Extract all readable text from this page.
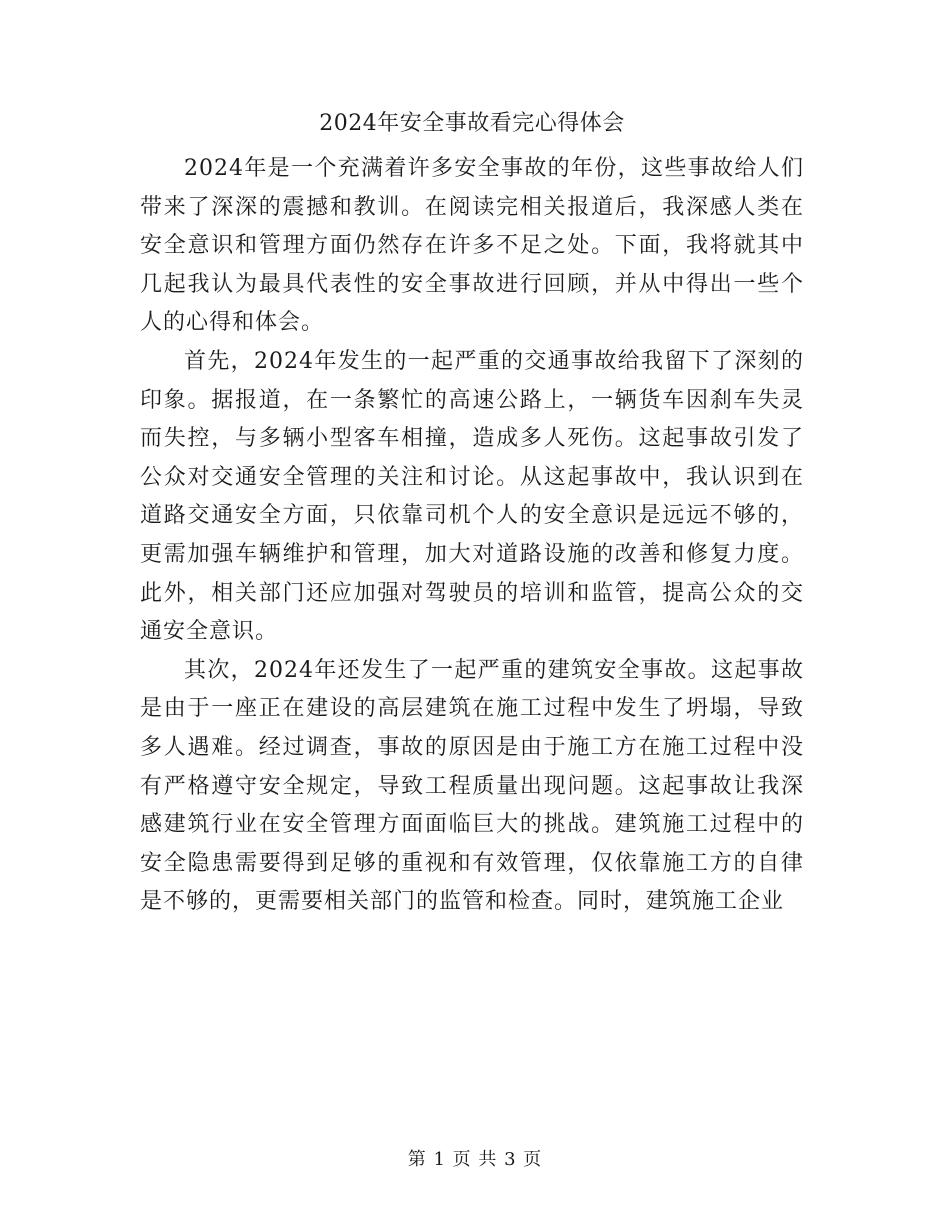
2024年安全事故看完心得体会

2024年是一个充满着许多安全事故的年份，这些事故给人们带来了深深的震撼和教训。在阅读完相关报道后，我深感人类在安全意识和管理方面仍然存在许多不足之处。下面，我将就其中几起我认为最具代表性的安全事故进行回顾，并从中得出一些个人的心得和体会。

首先，2024年发生的一起严重的交通事故给我留下了深刻的印象。据报道，在一条繁忙的高速公路上，一辆货车因刹车失灵而失控，与多辆小型客车相撞，造成多人死伤。这起事故引发了公众对交通安全管理的关注和讨论。从这起事故中，我认识到在道路交通安全方面，只依靠司机个人的安全意识是远远不够的，更需加强车辆维护和管理，加大对道路设施的改善和修复力度。此外，相关部门还应加强对驾驶员的培训和监管，提高公众的交通安全意识。

其次，2024年还发生了一起严重的建筑安全事故。这起事故是由于一座正在建设的高层建筑在施工过程中发生了坍塌，导致多人遇难。经过调查，事故的原因是由于施工方在施工过程中没有严格遵守安全规定，导致工程质量出现问题。这起事故让我深感建筑行业在安全管理方面面临巨大的挑战。建筑施工过程中的安全隐患需要得到足够的重视和有效管理，仅依靠施工方的自律是不够的，更需要相关部门的监管和检查。同时，建筑施工企业

第 1 页 共 3 页
